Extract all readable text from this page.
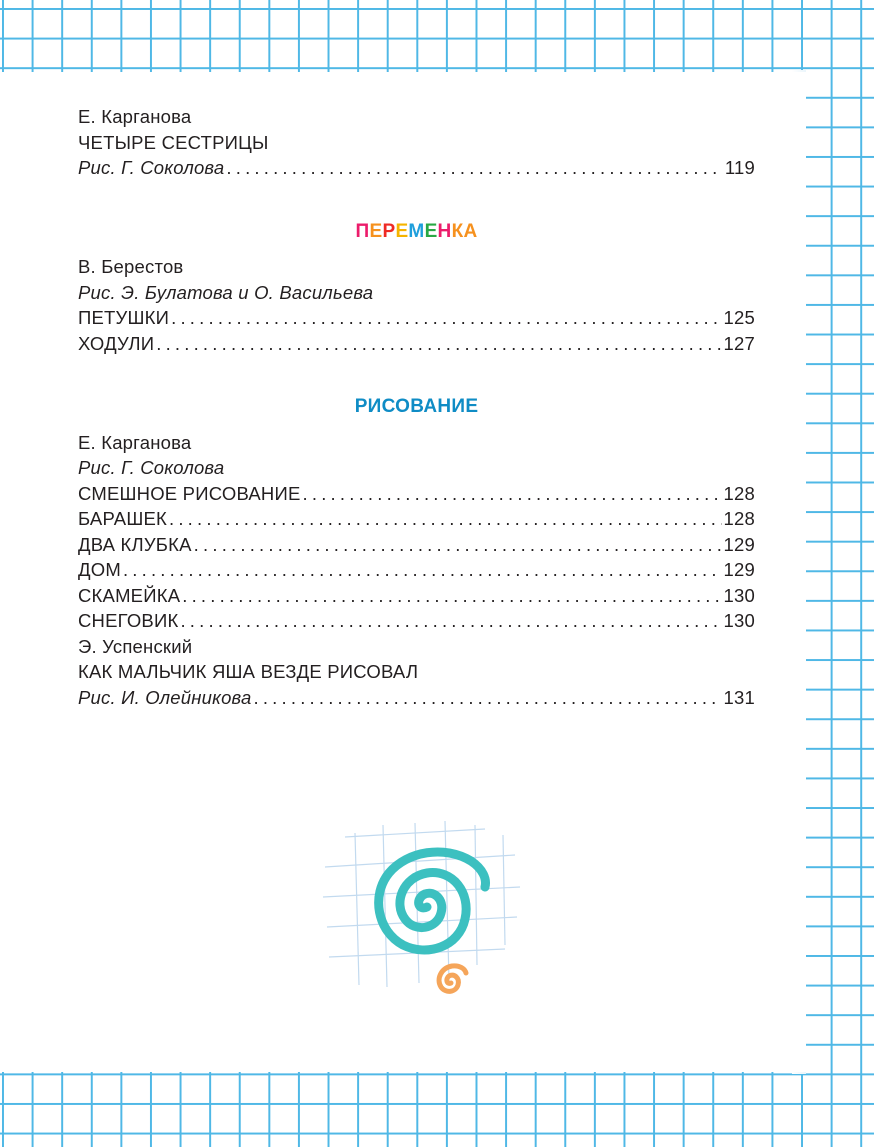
Е. Карганова
ЧЕТЫРЕ СЕСТРИЦЫ
Рис. Г. Соколова .....	119
ПЕРЕМЕНКА
В. Берестов
Рис. Э. Булатова и О. Васильева
ПЕТУШКИ .....	125
ХОДУЛИ .....	127
РИСОВАНИЕ
Е. Карганова
Рис. Г. Соколова
СМЕШНОЕ РИСОВАНИЕ .....	128
БАРАШЕК .....	128
ДВА КЛУБКА .....	129
ДОМ .....	129
СКАМЕЙКА .....	130
СНЕГОВИК .....	130
Э. Успенский
КАК МАЛЬЧИК ЯША ВЕЗДЕ РИСОВАЛ
Рис. И. Олейникова .....	131
